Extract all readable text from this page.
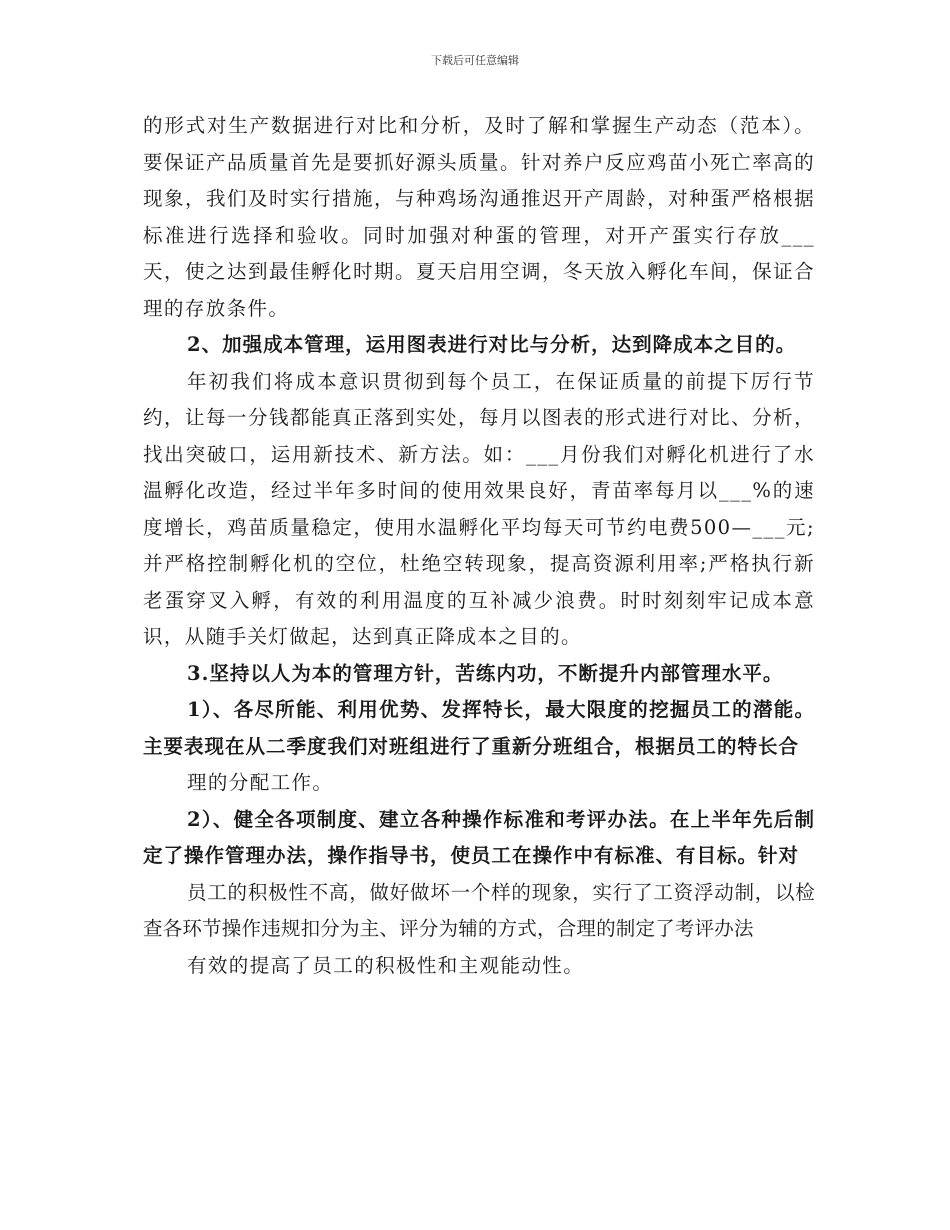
下载后可任意编辑

的形式对生产数据进行对比和分析，及时了解和掌握生产动态（范本）。要保证产品质量首先是要抓好源头质量。针对养户反应鸡苗小死亡率高的现象，我们及时实行措施，与种鸡场沟通推迟开产周龄，对种蛋严格根据标准进行选择和验收。同时加强对种蛋的管理，对开产蛋实行存放___天，使之达到最佳孵化时期。夏天启用空调，冬天放入孵化车间，保证合理的存放条件。

2、加强成本管理，运用图表进行对比与分析，达到降成本之目的。

年初我们将成本意识贯彻到每个员工，在保证质量的前提下厉行节约，让每一分钱都能真正落到实处，每月以图表的形式进行对比、分析，找出突破口，运用新技术、新方法。如：___月份我们对孵化机进行了水温孵化改造，经过半年多时间的使用效果良好，青苗率每月以___%的速度增长，鸡苗质量稳定，使用水温孵化平均每天可节约电费500—___元;并严格控制孵化机的空位，杜绝空转现象，提高资源利用率;严格执行新老蛋穿叉入孵，有效的利用温度的互补减少浪费。时时刻刻牢记成本意识，从随手关灯做起，达到真正降成本之目的。

3.坚持以人为本的管理方针，苦练内功，不断提升内部管理水平。

1）、各尽所能、利用优势、发挥特长，最大限度的挖掘员工的潜能。主要表现在从二季度我们对班组进行了重新分班组合，根据员工的特长合

理的分配工作。

2）、健全各项制度、建立各种操作标准和考评办法。在上半年先后制定了操作管理办法，操作指导书，使员工在操作中有标准、有目标。针对

员工的积极性不高，做好做坏一个样的现象，实行了工资浮动制，以检查各环节操作违规扣分为主、评分为辅的方式，合理的制定了考评办法

有效的提高了员工的积极性和主观能动性。
